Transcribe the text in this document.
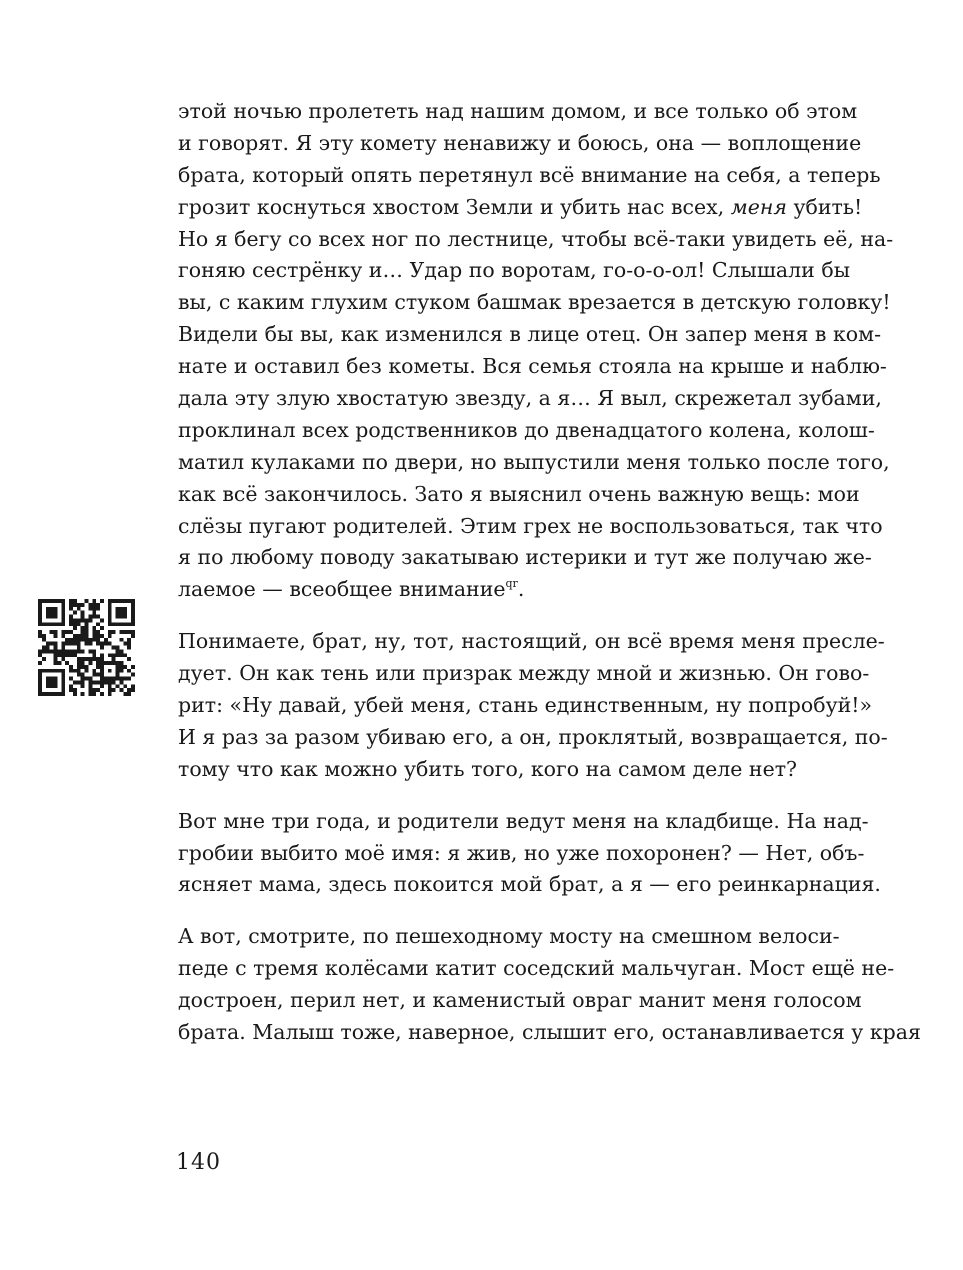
этой ночью пролететь над нашим домом, и все только об этом
и говорят. Я эту комету ненавижу и боюсь, она — воплощение
брата, который опять перетянул всё внимание на себя, а теперь
грозит коснуться хвостом Земли и убить нас всех, меня убить!
Но я бегу со всех ног по лестнице, чтобы всё-таки увидеть её, на-
гоняю сестрёнку и… Удар по воротам, го-о-о-ол! Слышали бы
вы, с каким глухим стуком башмак врезается в детскую головку!
Видели бы вы, как изменился в лице отец. Он запер меня в ком-
нате и оставил без кометы. Вся семья стояла на крыше и наблю-
дала эту злую хвостатую звезду, а я… Я выл, скрежетал зубами,
проклинал всех родственников до двенадцатого колена, колош-
матил кулаками по двери, но выпустили меня только после того,
как всё закончилось. Зато я выяснил очень важную вещь: мои
слёзы пугают родителей. Этим грех не воспользоваться, так что
я по любому поводу закатываю истерики и тут же получаю же-
лаемое — всеобщее внимание$^{qr}$.
Понимаете, брат, ну, тот, настоящий, он всё время меня пресле-
дует. Он как тень или призрак между мной и жизнью. Он гово-
рит: «Ну давай, убей меня, стань единственным, ну попробуй!»
И я раз за разом убиваю его, а он, проклятый, возвращается, по-
тому что как можно убить того, кого на самом деле нет?
Вот мне три года, и родители ведут меня на кладбище. На над-
гробии выбито моё имя: я жив, но уже похоронен? — Нет, объ-
ясняет мама, здесь покоится мой брат, а я — его реинкарнация.
А вот, смотрите, по пешеходному мосту на смешном велоси-
педе с тремя колёсами катит соседский мальчуган. Мост ещё не-
достроен, перил нет, и каменистый овраг манит меня голосом
брата. Малыш тоже, наверное, слышит его, останавливается у края
140
